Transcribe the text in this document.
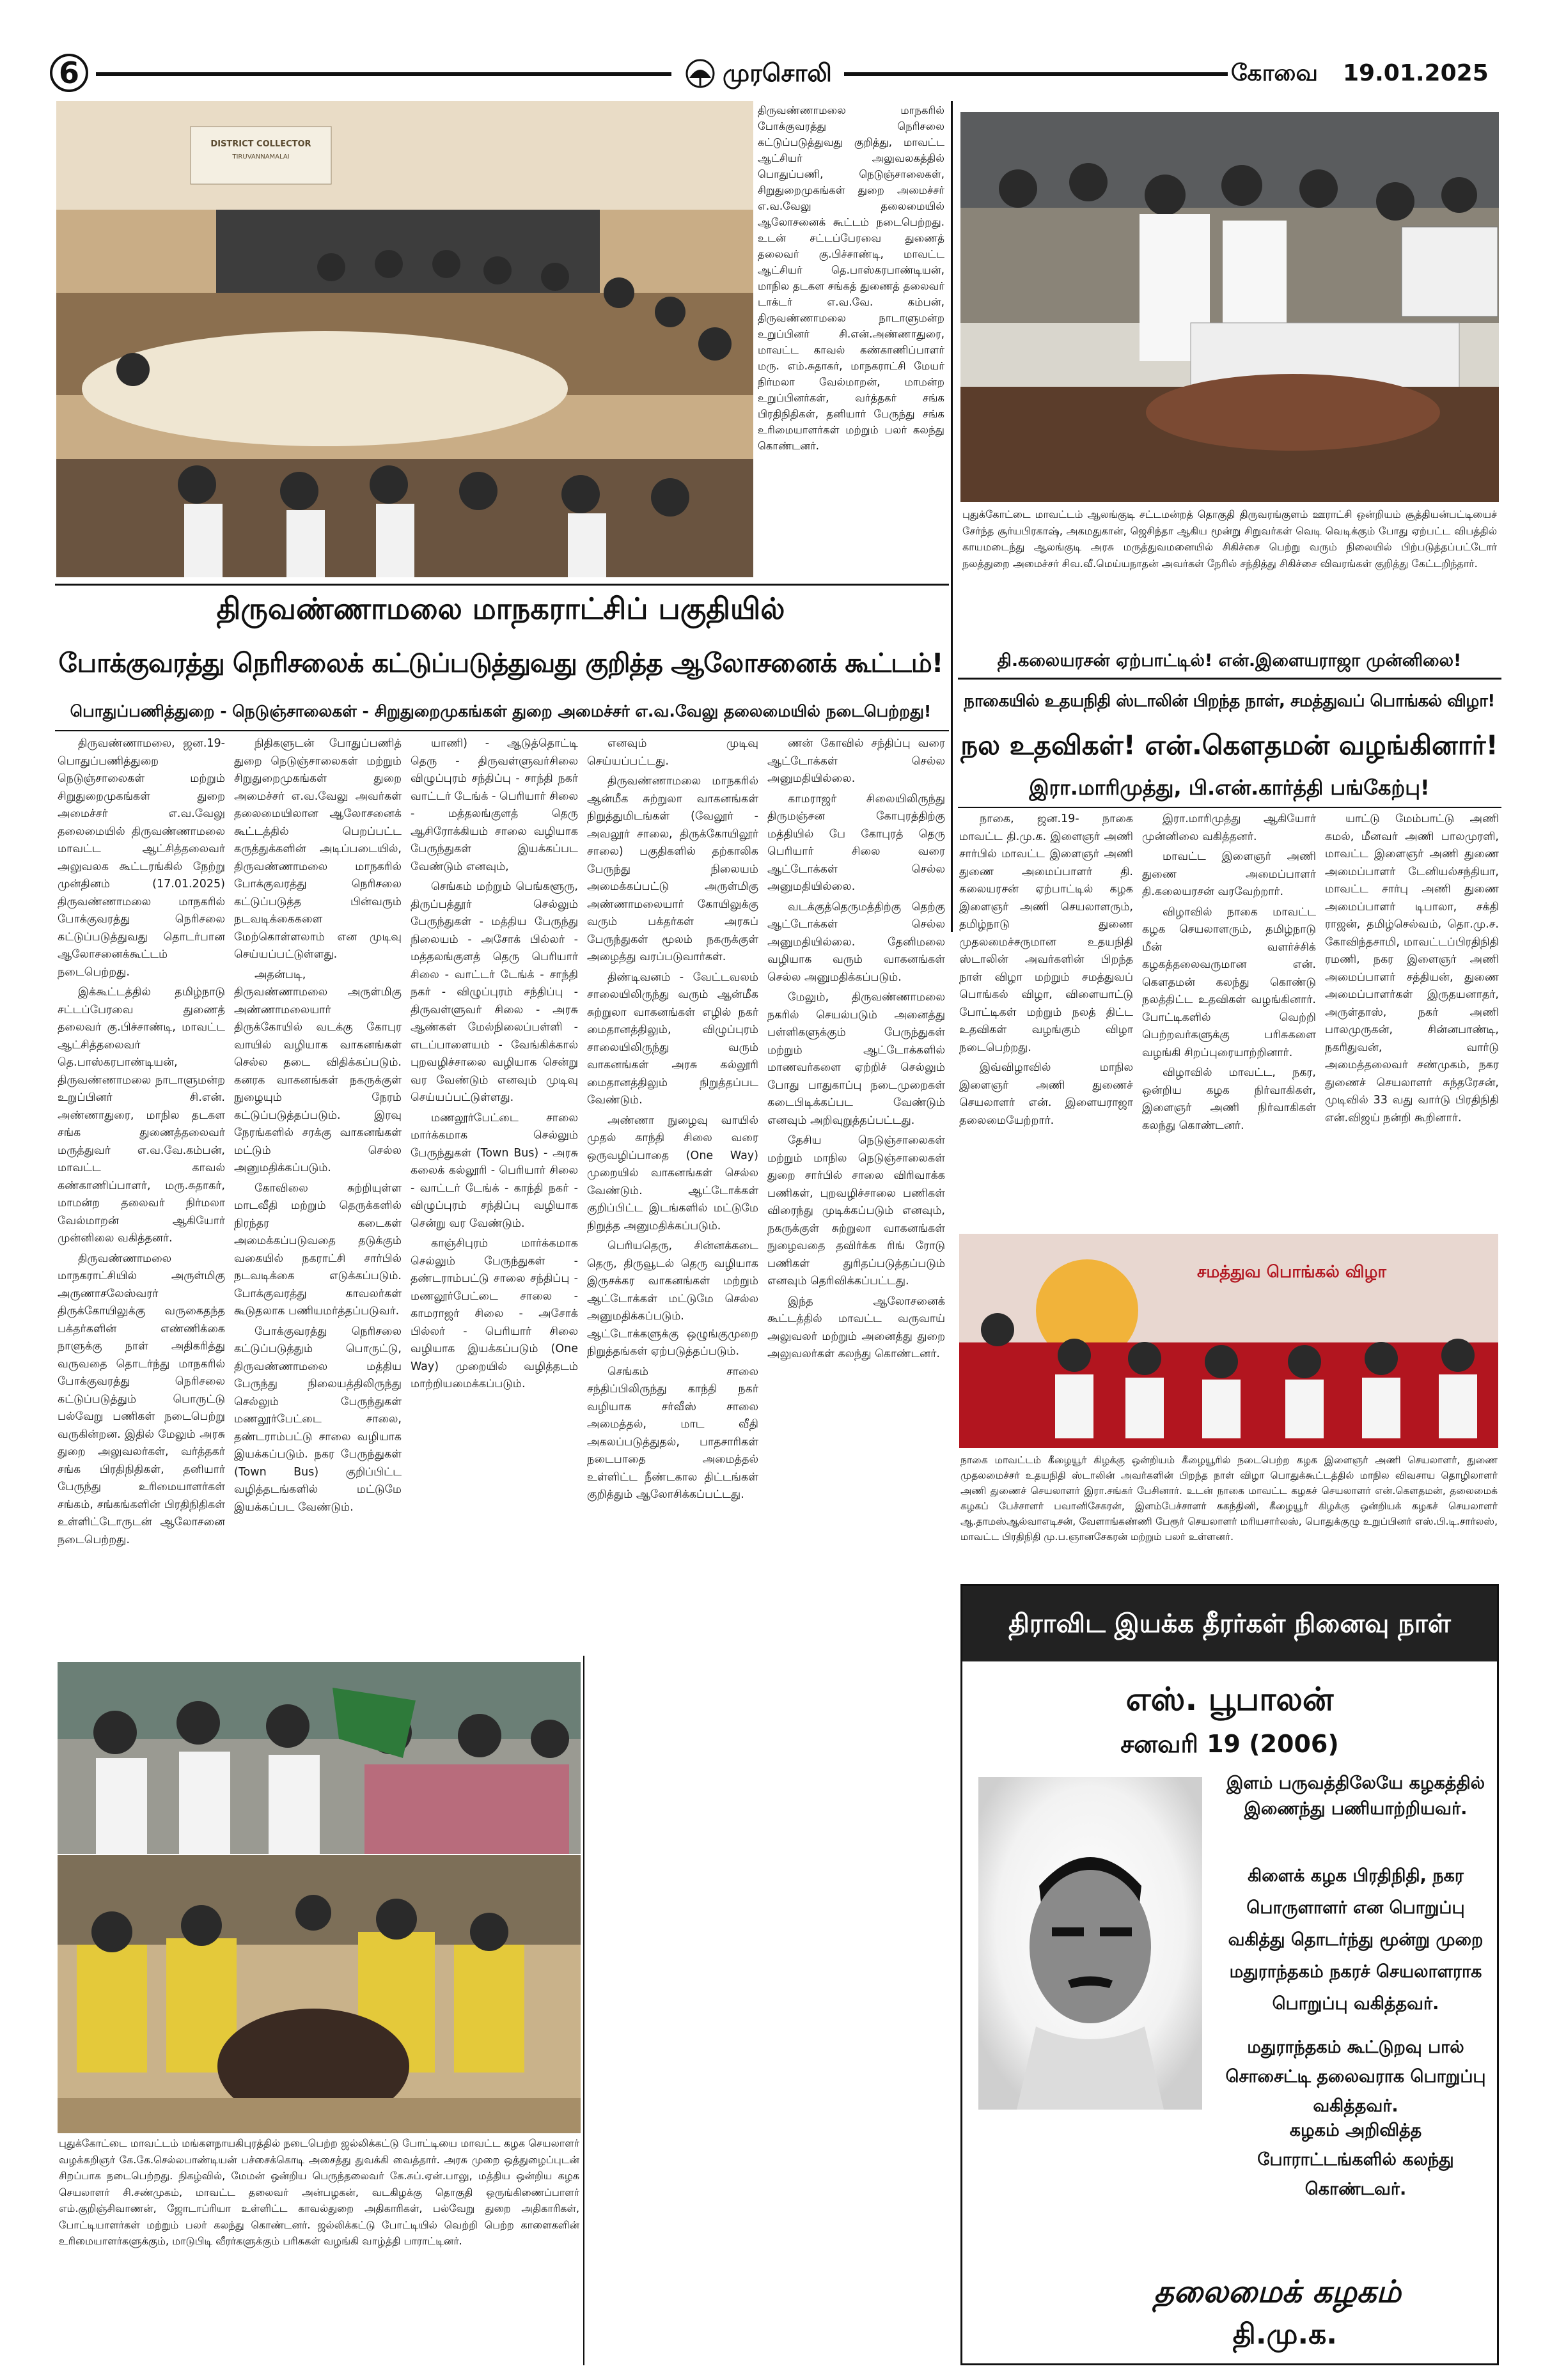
6	முரசொலி	கோவை	19.01.2025
DISTRICT COLLECTOR
TIRUVANNAMALAI
திருவண்ணாமலை மாநகரில் போக்குவரத்து நெரிசலை கட்டுப்படுத்துவது குறித்து, மாவட்ட ஆட்சியர் அலுவலகத்தில் பொதுப்பணி, நெடுஞ்சாலைகள், சிறுதுறைமுகங்கள் துறை அமைச்சர் எ.வ.வேலு தலைமையில் ஆலோசனைக் கூட்டம் நடைபெற்றது. உடன் சட்டப்பேரவை துணைத் தலைவர் கு.பிச்சாண்டி, மாவட்ட ஆட்சியர் தெ.பாஸ்கரபாண்டியன், மாநில தடகள சங்கத் துணைத் தலைவர் டாக்டர் எ.வ.வே. கம்பன், திருவண்ணாமலை நாடாளுமன்ற உறுப்பினர் சி.என்.அண்ணாதுரை, மாவட்ட காவல் கண்காணிப்பாளர் மரு. எம்.சுதாகர், மாநகராட்சி மேயர் நிர்மலா வேல்மாறன், மாமன்ற உறுப்பினர்கள், வர்த்தகர் சங்க பிரதிநிதிகள், தனியார் பேருந்து சங்க உரிமையாளர்கள் மற்றும் பலர் கலந்து கொண்டனர்.
புதுக்கோட்டை மாவட்டம் ஆலங்குடி சட்டமன்றத் தொகுதி திருவரங்குளம் ஊராட்சி ஒன்றியம் சூத்தியன்பட்டியைச் சேர்ந்த சூர்யபிரகாஷ், அகமதுகான், ஜெசிந்தா ஆகிய மூன்று சிறுவர்கள் வெடி வெடிக்கும் போது ஏற்பட்ட விபத்தில் காயமடைந்து ஆலங்குடி அரசு மருத்துவமனையில் சிகிச்சை பெற்று வரும் நிலையில் பிற்படுத்தப்பட்டோர் நலத்துறை அமைச்சர் சிவ.வீ.மெய்யநாதன் அவர்கள் நேரில் சந்தித்து சிகிச்சை விவரங்கள் குறித்து கேட்டறிந்தார்.
திருவண்ணாமலை மாநகராட்சிப் பகுதியில்
போக்குவரத்து நெரிசலைக் கட்டுப்படுத்துவது குறித்த ஆலோசனைக் கூட்டம்!
பொதுப்பணித்துறை - நெடுஞ்சாலைகள் - சிறுதுறைமுகங்கள் துறை அமைச்சர் எ.வ.வேலு தலைமையில் நடைபெற்றது!

திருவண்ணாமலை, ஜன.19- பொதுப்பணித்துறை நெடுஞ்சாலைகள் மற்றும் சிறுதுறைமுகங்கள் துறை அமைச்சர் எ.வ.வேலு தலைமையில் திருவண்ணாமலை மாவட்ட ஆட்சித்தலைவர் அலுவலக கூட்டரங்கில் நேற்று முன்தினம் (17.01.2025) திருவண்ணாமலை மாநகரில் போக்குவரத்து நெரிசலை கட்டுப்படுத்துவது தொடர்பான ஆலோசனைக்கூட்டம் நடைபெற்றது.

இக்கூட்டத்தில் தமிழ்நாடு சட்டப்பேரவை துணைத் தலைவர் கு.பிச்சாண்டி, மாவட்ட ஆட்சித்தலைவர் தெ.பாஸ்கரபாண்டியன், திருவண்ணாமலை நாடாளுமன்ற உறுப்பினர் சி.என். அண்ணாதுரை, மாநில தடகள சங்க துணைத்தலைவர் மருத்துவர் எ.வ.வே.கம்பன், மாவட்ட காவல் கண்காணிப்பாளர், மரு.சுதாகர், மாமன்ற தலைவர் நிர்மலா வேல்மாறன் ஆகியோர் முன்னிலை வகித்தனர்.

திருவண்ணாமலை மாநகராட்சியில் அருள்மிகு அருணாசலேஸ்வரர் திருக்கோயிலுக்கு வருகைதந்த பக்தர்களின் எண்ணிக்கை நாளுக்கு நாள் அதிகரித்து வருவதை தொடர்ந்து மாநகரில் போக்குவரத்து நெரிசலை கட்டுப்படுத்தும் பொருட்டு பல்வேறு பணிகள் நடைபெற்று வருகின்றன. இதில் மேலும் அரசு துறை அலுவலர்கள், வர்த்தகர் சங்க பிரதிநிதிகள், தனியார் பேருந்து உரிமையாளர்கள் சங்கம், சங்கங்களின் பிரதிநிதிகள் உள்ளிட்டோருடன் ஆலோசனை நடைபெற்றது.

நிதிகளுடன் போதுப்பணித் துறை நெடுஞ்சாலைகள் மற்றும் சிறுதுறைமுகங்கள் துறை அமைச்சர் எ.வ.வேலு அவர்கள் தலைமையிலான ஆலோசனைக் கூட்டத்தில் பெறப்பட்ட கருத்துக்களின் அடிப்படையில், திருவண்ணாமலை மாநகரில் போக்குவரத்து நெரிசலை கட்டுப்படுத்த பின்வரும் நடவடிக்கைகளை மேற்கொள்ளலாம் என முடிவு செய்யப்பட்டுள்ளது.

அதன்படி, திருவண்ணாமலை அருள்மிகு அண்ணாமலையார் திருக்கோயில் வடக்கு கோபுர வாயில் வழியாக வாகனங்கள் செல்ல தடை விதிக்கப்படும். கனரக வாகனங்கள் நகருக்குள் நுழையும் நேரம் கட்டுப்படுத்தப்படும். இரவு நேரங்களில் சரக்கு வாகனங்கள் மட்டும் செல்ல அனுமதிக்கப்படும்.

கோவிலை சுற்றியுள்ள மாடவீதி மற்றும் தெருக்களில் நிரந்தர கடைகள் அமைக்கப்படுவதை தடுக்கும் வகையில் நகராட்சி சார்பில் நடவடிக்கை எடுக்கப்படும். போக்குவரத்து காவலர்கள் கூடுதலாக பணியமர்த்தப்படுவர்.

போக்குவரத்து நெரிசலை கட்டுப்படுத்தும் பொருட்டு, திருவண்ணாமலை மத்திய பேருந்து நிலையத்திலிருந்து செல்லும் பேருந்துகள் மணலூர்பேட்டை சாலை, தண்டராம்பட்டு சாலை வழியாக இயக்கப்படும். நகர பேருந்துகள் (Town Bus) குறிப்பிட்ட வழித்தடங்களில் மட்டுமே இயக்கப்பட வேண்டும்.

யாணி) - ஆடுத்தொட்டி தெரு - திருவள்ளுவர்சிலை விழுப்புரம் சந்திப்பு - சாந்தி நகர் வாட்டர் டேங்க் - பெரியார் சிலை - மத்தலங்குளத் தெரு ஆசிரோக்கியம் சாலை வழியாக பேருந்துகள் இயக்கப்பட வேண்டும் எனவும்,

செங்கம் மற்றும் பெங்களூரு, திருப்பத்தூர் செல்லும் பேருந்துகள் - மத்திய பேருந்து நிலையம் - அசோக் பில்லர் - மத்தலங்குளத் தெரு பெரியார் சிலை - வாட்டர் டேங்க் - சாந்தி நகர் - விழுப்புரம் சந்திப்பு - திருவள்ளுவர் சிலை - அரசு ஆண்கள் மேல்நிலைப்பள்ளி - எடப்பாளையம் - வேங்கிக்கால் புறவழிச்சாலை வழியாக சென்று வர வேண்டும் எனவும் முடிவு செய்யப்பட்டுள்ளது.

மணலூர்பேட்டை சாலை மார்க்கமாக செல்லும் பேருந்துகள் (Town Bus) - அரசு கலைக் கல்லூரி - பெரியார் சிலை - வாட்டர் டேங்க் - காந்தி நகர் - விழுப்புரம் சந்திப்பு வழியாக சென்று வர வேண்டும்.

காஞ்சிபுரம் மார்க்கமாக செல்லும் பேருந்துகள் - தண்டராம்பட்டு சாலை சந்திப்பு - மணலூர்பேட்டை சாலை - காமராஜர் சிலை - அசோக் பில்லர் - பெரியார் சிலை வழியாக இயக்கப்படும் (One Way) முறையில் வழித்தடம் மாற்றியமைக்கப்படும்.

எனவும் முடிவு செய்யப்பட்டது.

திருவண்ணாமலை மாநகரில் ஆன்மீக சுற்றுலா வாகனங்கள் நிறுத்துமிடங்கள் (வேலூர் - அவலூர் சாலை, திருக்கோயிலூர் சாலை) பகுதிகளில் தற்காலிக பேருந்து நிலையம் அமைக்கப்பட்டு அருள்மிகு அண்ணாமலையார் கோயிலுக்கு வரும் பக்தர்கள் அரசுப் பேருந்துகள் மூலம் நகருக்குள் அழைத்து வரப்படுவார்கள்.

திண்டிவனம் - வேட்டவலம் சாலையிலிருந்து வரும் ஆன்மீக சுற்றுலா வாகனங்கள் எழில் நகர் மைதானத்திலும், விழுப்புரம் சாலையிலிருந்து வரும் வாகனங்கள் அரசு கல்லூரி மைதானத்திலும் நிறுத்தப்பட வேண்டும்.

அண்ணா நுழைவு வாயில் முதல் காந்தி சிலை வரை ஒருவழிப்பாதை (One Way) முறையில் வாகனங்கள் செல்ல வேண்டும். ஆட்டோக்கள் குறிப்பிட்ட இடங்களில் மட்டுமே நிறுத்த அனுமதிக்கப்படும்.

பெரியதெரு, சின்னக்கடை தெரு, திருவூடல் தெரு வழியாக இருசக்கர வாகனங்கள் மற்றும் ஆட்டோக்கள் மட்டுமே செல்ல அனுமதிக்கப்படும். ஆட்டோக்களுக்கு ஒழுங்குமுறை நிறுத்தங்கள் ஏற்படுத்தப்படும்.

செங்கம் சாலை சந்திப்பிலிருந்து காந்தி நகர் வழியாக சர்வீஸ் சாலை அமைத்தல், மாட வீதி அகலப்படுத்துதல், பாதசாரிகள் நடைபாதை அமைத்தல் உள்ளிட்ட நீண்டகால திட்டங்கள் குறித்தும் ஆலோசிக்கப்பட்டது.

ணன் கோவில் சந்திப்பு வரை ஆட்டோக்கள் செல்ல அனுமதியில்லை.

காமராஜர் சிலையிலிருந்து திருமஞ்சன கோபுரத்திற்கு மத்தியில் பே கோபுரத் தெரு பெரியார் சிலை வரை ஆட்டோக்கள் செல்ல அனுமதியில்லை.

வடக்குத்தெருமத்திற்கு தெற்கு ஆட்டோக்கள் செல்ல அனுமதியில்லை. தேனிமலை வழியாக வரும் வாகனங்கள் செல்ல அனுமதிக்கப்படும்.

மேலும், திருவண்ணாமலை நகரில் செயல்படும் அனைத்து பள்ளிகளுக்கும் பேருந்துகள் மற்றும் ஆட்டோக்களில் மாணவர்களை ஏற்றிச் செல்லும் போது பாதுகாப்பு நடைமுறைகள் கடைபிடிக்கப்பட வேண்டும் எனவும் அறிவுறுத்தப்பட்டது.

தேசிய நெடுஞ்சாலைகள் மற்றும் மாநில நெடுஞ்சாலைகள் துறை சார்பில் சாலை விரிவாக்க பணிகள், புறவழிச்சாலை பணிகள் விரைந்து முடிக்கப்படும் எனவும், நகருக்குள் சுற்றுலா வாகனங்கள் நுழைவதை தவிர்க்க ரிங் ரோடு பணிகள் துரிதப்படுத்தப்படும் எனவும் தெரிவிக்கப்பட்டது.

இந்த ஆலோசனைக் கூட்டத்தில் மாவட்ட வருவாய் அலுவலர் மற்றும் அனைத்து துறை அலுவலர்கள் கலந்து கொண்டனர்.

புதுக்கோட்டை மாவட்டம் மங்களநாயகிபுரத்தில் நடைபெற்ற ஜல்லிக்கட்டு போட்டியை மாவட்ட கழக செயலாளர் வழக்கறிஞர் கே.கே.செல்லபாண்டியன் பச்சைக்கொடி அசைத்து துவக்கி வைத்தார். அரசு முறை ஒத்துழைப்புடன் சிறப்பாக நடைபெற்றது. நிகழ்வில், மேமன் ஒன்றிய பெருந்தலைவர் கே.சுப்.ஏன்.பாலு, மத்திய ஒன்றிய கழக செயலாளர் சி.சண்முகம், மாவட்ட தலைவர் அன்பழகன், வடகிழக்கு தொகுதி ஒருங்கிணைப்பாளர் எம்.குறிஞ்சிவாணன், ஜோடாப்ரியா உள்ளிட்ட காவல்துறை அதிகாரிகள், பல்வேறு துறை அதிகாரிகள், போட்டியாளர்கள் மற்றும் பலர் கலந்து கொண்டனர். ஜல்லிக்கட்டு போட்டியில் வெற்றி பெற்ற காளைகளின் உரிமையாளர்களுக்கும், மாடுபிடி வீரர்களுக்கும் பரிசுகள் வழங்கி வாழ்த்தி பாராட்டினர்.
தி.கலையரசன் ஏற்பாட்டில்! என்.இளையராஜா முன்னிலை!
நாகையில் உதயநிதி ஸ்டாலின் பிறந்த நாள், சமத்துவப் பொங்கல் விழா!
நல உதவிகள்! என்.கௌதமன் வழங்கினார்!
இரா.மாரிமுத்து, பி.என்.கார்த்தி பங்கேற்பு!

நாகை, ஜன.19- நாகை மாவட்ட தி.மு.க. இளைஞர் அணி சார்பில் மாவட்ட இளைஞர் அணி துணை அமைப்பாளர் தி. கலையரசன் ஏற்பாட்டில் கழக இளைஞர் அணி செயலாளரும், தமிழ்நாடு துணை முதலமைச்சருமான உதயநிதி ஸ்டாலின் அவர்களின் பிறந்த நாள் விழா மற்றும் சமத்துவப் பொங்கல் விழா, விளையாட்டு போட்டிகள் மற்றும் நலத் திட்ட உதவிகள் வழங்கும் விழா நடைபெற்றது.

இவ்விழாவில் மாநில இளைஞர் அணி துணைச் செயலாளர் என். இளையராஜா தலைமையேற்றார்.

இரா.மாரிமுத்து ஆகியோர் முன்னிலை வகித்தனர்.

மாவட்ட இளைஞர் அணி துணை அமைப்பாளர் தி.கலையரசன் வரவேற்றார்.

விழாவில் நாகை மாவட்ட கழக செயலாளரும், தமிழ்நாடு மீன் வளர்ச்சிக் கழகத்தலைவருமான என். கௌதமன் கலந்து கொண்டு நலத்திட்ட உதவிகள் வழங்கினார். போட்டிகளில் வெற்றி பெற்றவர்களுக்கு பரிசுகளை வழங்கி சிறப்புரையாற்றினார்.

விழாவில் மாவட்ட, நகர, ஒன்றிய கழக நிர்வாகிகள், இளைஞர் அணி நிர்வாகிகள் கலந்து கொண்டனர்.

யாட்டு மேம்பாட்டு அணி கமல், மீனவர் அணி பாலமுரளி, மாவட்ட இளைஞர் அணி துணை அமைப்பாளர் டேனியல்சந்தியா, மாவட்ட சார்பு அணி துணை அமைப்பாளர் டிபாலா, சக்தி ராஜன், தமிழ்செல்வம், தொ.மு.ச. கோவிந்தசாமி, மாவட்டப்பிரதிநிதி ரமணி, நகர இளைஞர் அணி அமைப்பாளர் சத்தியன், துணை அமைப்பாளர்கள் இருதயனாதர், அருள்தாஸ், நகர் அணி பாலமுருகன், சின்னபாண்டி, நகரிதுவன், வார்டு அமைத்தலைவர் சண்முகம், நகர துணைச் செயலாளர் சுந்தரேசன், முடிவில் 33 வது வார்டு பிரதிநிதி என்.விஜய் நன்றி கூறினார்.

சமத்துவ பொங்கல் விழா
நாகை மாவட்டம் கீழையூர் கிழக்கு ஒன்றியம் கீழையூரில் நடைபெற்ற கழக இளைஞர் அணி செயலாளர், துணை முதலமைச்சர் உதயநிதி ஸ்டாலின் அவர்களின் பிறந்த நாள் விழா பொதுக்கூட்டத்தில் மாநில விவசாய தொழிலாளர் அணி துணைச் செயலாளர் இரா.சங்கர் பேசினார். உடன் நாகை மாவட்ட கழகச் செயலாளர் என்.கௌதமன், தலைமைக் கழகப் பேச்சாளர் பவானிசேகரன், இளம்பேச்சாளர் சுகந்தினி, கீழையூர் கிழக்கு ஒன்றியக் கழகச் செயலாளர் ஆ.தாமஸ்ஆல்வாஎடிசன், வேளாங்கண்ணி பேரூர் செயலாளர் மரியசார்லஸ், பொதுக்குழு உறுப்பினர் எஸ்.பி.டி.சார்லஸ், மாவட்ட பிரதிநிதி மு.ப.ஞானசேகரன் மற்றும் பலர் உள்ளனர்.
திராவிட இயக்க தீரர்கள் நினைவு நாள்
எஸ். பூபாலன்
சனவரி 19 (2006)
இளம் பருவத்திலேயே கழகத்தில் இணைந்து பணியாற்றியவர்.
கிளைக் கழக பிரதிநிதி, நகர பொருளாளர் என பொறுப்பு வகித்து தொடர்ந்து மூன்று முறை மதுராந்தகம் நகரச் செயலாளராக பொறுப்பு வகித்தவர்.
மதுராந்தகம் கூட்டுறவு பால் சொசைட்டி தலைவராக பொறுப்பு வகித்தவர்.
கழகம் அறிவித்த போராட்டங்களில் கலந்து கொண்டவர்.
தலைமைக் கழகம்
தி.மு.க.
